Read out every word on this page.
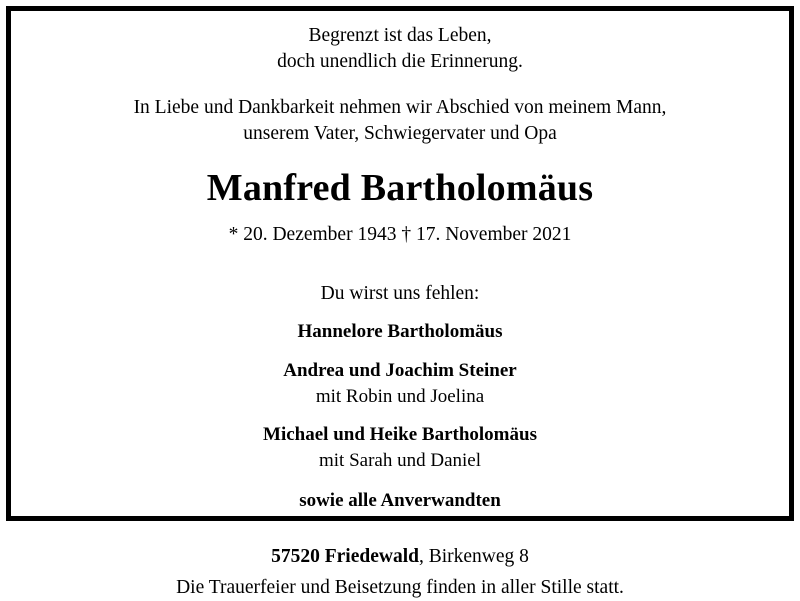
Begrenzt ist das Leben,
doch unendlich die Erinnerung.
In Liebe und Dankbarkeit nehmen wir Abschied von meinem Mann,
unserem Vater, Schwiegervater und Opa
Manfred Bartholomäus
* 20. Dezember 1943 † 17. November 2021
Du wirst uns fehlen:
Hannelore Bartholomäus
Andrea und Joachim Steiner
mit Robin und Joelina
Michael und Heike Bartholomäus
mit Sarah und Daniel
sowie alle Anverwandten
57520 Friedewald, Birkenweg 8
Die Trauerfeier und Beisetzung finden in aller Stille statt.
